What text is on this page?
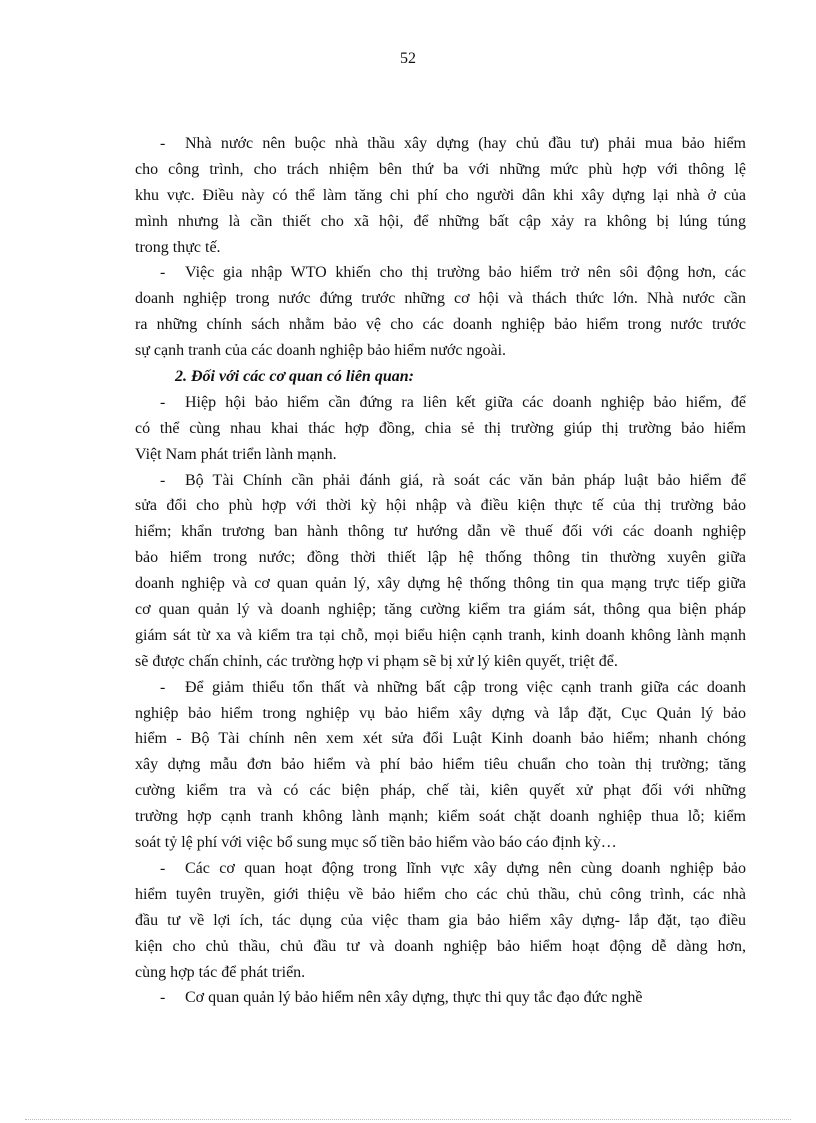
52
- Nhà nước nên buộc nhà thầu xây dựng (hay chủ đầu tư) phải mua bảo hiểm
cho công trình, cho trách nhiệm bên thứ ba với những mức phù hợp với thông lệ
khu vực. Điều này có thể làm tăng chi phí cho người dân khi xây dựng lại nhà ở của
mình nhưng là cần thiết cho xã hội, để những bất cập xảy ra không bị lúng túng
trong thực tế.
- Việc gia nhập WTO khiến cho thị trường bảo hiểm trở nên sôi động hơn, các
doanh nghiệp trong nước đứng trước những cơ hội và thách thức lớn. Nhà nước cần
ra những chính sách nhằm bảo vệ cho các doanh nghiệp bảo hiểm trong nước trước
sự cạnh tranh của các doanh nghiệp bảo hiểm nước ngoài.
2. Đối với các cơ quan có liên quan:
- Hiệp hội bảo hiểm cần đứng ra liên kết giữa các doanh nghiệp bảo hiểm, để
có thể cùng nhau khai thác hợp đồng, chia sẻ thị trường giúp thị trường bảo hiểm
Việt Nam phát triển lành mạnh.
- Bộ Tài Chính cần phải đánh giá, rà soát các văn bản pháp luật bảo hiểm để
sửa đổi cho phù hợp với thời kỳ hội nhập và điều kiện thực tế của thị trường bảo
hiểm; khẩn trương ban hành thông tư hướng dẫn về thuế đối với các doanh nghiệp
bảo hiểm trong nước; đồng thời thiết lập hệ thống thông tin thường xuyên giữa
doanh nghiệp và cơ quan quản lý, xây dựng hệ thống thông tin qua mạng trực tiếp giữa
cơ quan quản lý và doanh nghiệp; tăng cường kiểm tra giám sát, thông qua biện pháp
giám sát từ xa và kiểm tra tại chỗ, mọi biểu hiện cạnh tranh, kinh doanh không lành mạnh
sẽ được chấn chỉnh, các trường hợp vi phạm sẽ bị xử lý kiên quyết, triệt để.
- Để giảm thiểu tổn thất và những bất cập trong việc cạnh tranh giữa các doanh
nghiệp bảo hiểm trong nghiệp vụ bảo hiểm xây dựng và lắp đặt, Cục Quản lý bảo
hiểm - Bộ Tài chính nên xem xét sửa đổi Luật Kinh doanh bảo hiểm; nhanh chóng
xây dựng mẫu đơn bảo hiểm và phí bảo hiểm tiêu chuẩn cho toàn thị trường; tăng
cường kiểm tra và có các biện pháp, chế tài, kiên quyết xử phạt đối với những
trường hợp cạnh tranh không lành mạnh; kiểm soát chặt doanh nghiệp thua lỗ; kiểm
soát tỷ lệ phí với việc bổ sung mục số tiền bảo hiểm vào báo cáo định kỳ…
- Các cơ quan hoạt động trong lĩnh vực xây dựng nên cùng doanh nghiệp bảo
hiểm tuyên truyền, giới thiệu về bảo hiểm cho các chủ thầu, chủ công trình, các nhà
đầu tư về lợi ích, tác dụng của việc tham gia bảo hiểm xây dựng- lắp đặt, tạo điều
kiện cho chủ thầu, chủ đầu tư và doanh nghiệp bảo hiểm hoạt động dễ dàng hơn,
cùng hợp tác để phát triển.
- Cơ quan quản lý bảo hiểm nên xây dựng, thực thi quy tắc đạo đức nghề
